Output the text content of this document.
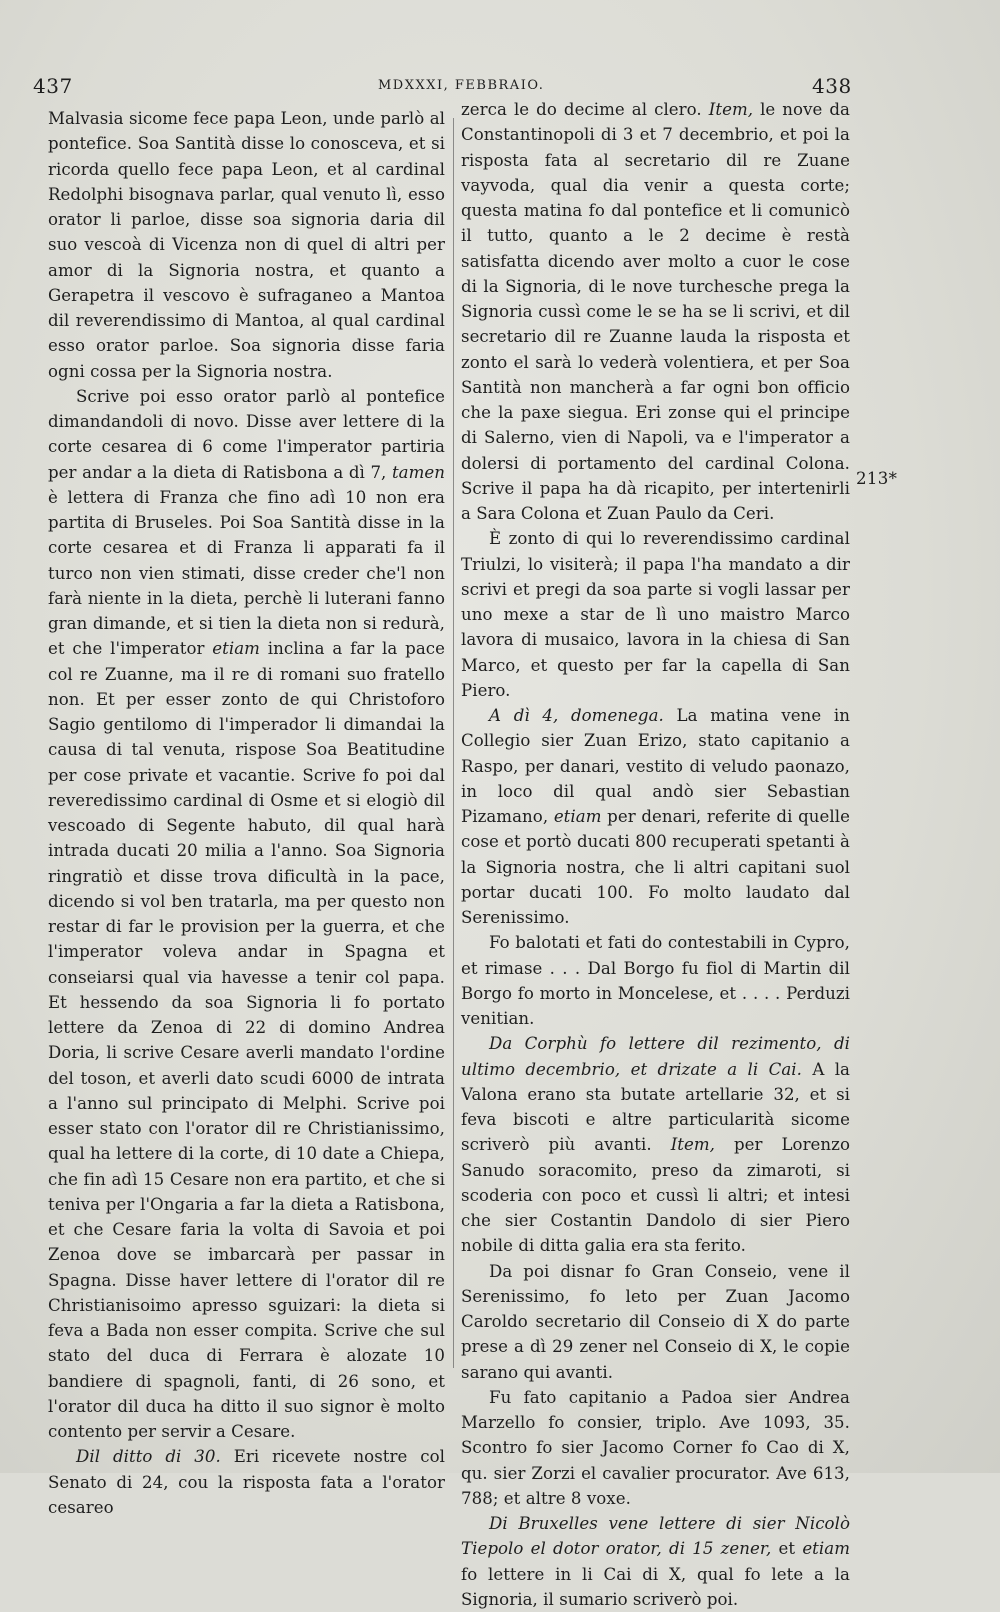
437	MDXXXI, FEBBRAIO.	438

Malvasia sicome fece papa Leon, unde parlò al pontefice. Soa Santità disse lo conosceva, et si ricorda quello fece papa Leon, et al cardinal Redolphi bisognava parlar, qual venuto lì, esso orator li parloe, disse soa signoria daria dil suo vescoà di Vicenza non di quel di altri per amor di la Signoria nostra, et quanto a Gerapetra il vescovo è sufraganeo a Mantoa dil reverendissimo di Mantoa, al qual cardinal esso orator parloe. Soa signoria disse faria ogni cossa per la Signoria nostra.

Scrive poi esso orator parlò al pontefice dimandandoli di novo. Disse aver lettere di la corte cesarea di 6 come l'imperator partiria per andar a la dieta di Ratisbona a dì 7, tamen è lettera di Franza che fino adì 10 non era partita di Bruseles. Poi Soa Santità disse in la corte cesarea et di Franza li apparati fa il turco non vien stimati, disse creder che'l non farà niente in la dieta, perchè li luterani fanno gran dimande, et si tien la dieta non si redurà, et che l'imperator etiam inclina a far la pace col re Zuanne, ma il re di romani suo fratello non. Et per esser zonto de qui Christoforo Sagio gentilomo di l'imperador li dimandai la causa di tal venuta, rispose Soa Beatitudine per cose private et vacantie. Scrive fo poi dal reveredissimo cardinal di Osme et si elogiò dil vescoado di Segente habuto, dil qual harà intrada ducati 20 milia a l'anno. Soa Signoria ringratiò et disse trova dificultà in la pace, dicendo si vol ben tratarla, ma per questo non restar di far le provision per la guerra, et che l'imperator voleva andar in Spagna et conseiarsi qual via havesse a tenir col papa. Et hessendo da soa Signoria li fo portato lettere da Zenoa di 22 di domino Andrea Doria, li scrive Cesare averli mandato l'ordine del toson, et averli dato scudi 6000 de intrata a l'anno sul principato di Melphi. Scrive poi esser stato con l'orator dil re Christianissimo, qual ha lettere di la corte, di 10 date a Chiepa, che fin adì 15 Cesare non era partito, et che si teniva per l'Ongaria a far la dieta a Ratisbona, et che Cesare faria la volta di Savoia et poi Zenoa dove se imbarcarà per passar in Spagna. Disse haver lettere di l'orator dil re Christianisoimo apresso sguizari: la dieta si feva a Bada non esser compita. Scrive che sul stato del duca di Ferrara è alozate 10 bandiere di spagnoli, fanti, di 26 sono, et l'orator dil duca ha ditto il suo signor è molto contento per servir a Cesare.

Dil ditto di 30. Eri ricevete nostre col Senato di 24, cou la risposta fata a l'orator cesareo

zerca le do decime al clero. Item, le nove da Constantinopoli di 3 et 7 decembrio, et poi la risposta fata al secretario dil re Zuane vayvoda, qual dia venir a questa corte; questa matina fo dal pontefice et li comunicò il tutto, quanto a le 2 decime è restà satisfatta dicendo aver molto a cuor le cose di la Signoria, di le nove turchesche prega la Signoria cussì come le se ha se li scrivi, et dil secretario dil re Zuanne lauda la risposta et zonto el sarà lo vederà volentiera, et per Soa Santità non mancherà a far ogni bon officio che la paxe siegua. Eri zonse qui el principe di Salerno, vien di Napoli, va e l'imperator a dolersi di portamento del cardinal Colona. Scrive il papa ha dà ricapito, per intertenirli a Sara Colona et Zuan Paulo da Ceri.

È zonto di qui lo reverendissimo cardinal Triulzi, lo visiterà; il papa l'ha mandato a dir scrivi et pregi da soa parte si vogli lassar per uno mexe a star de lì uno maistro Marco lavora di musaico, lavora in la chiesa di San Marco, et questo per far la capella di San Piero.

A dì 4, domenega. La matina vene in Collegio sier Zuan Erizo, stato capitanio a Raspo, per danari, vestito di veludo paonazo, in loco dil qual andò sier Sebastian Pizamano, etiam per denari, referite di quelle cose et portò ducati 800 recuperati spetanti à la Signoria nostra, che li altri capitani suol portar ducati 100. Fo molto laudato dal Serenissimo.

Fo balotati et fati do contestabili in Cypro, et rimase . . . Dal Borgo fu fiol di Martin dil Borgo fo morto in Moncelese, et . . . . Perduzi venitian.

Da Corphù fo lettere dil rezimento, di ultimo decembrio, et drizate a li Cai. A la Valona erano sta butate artellarie 32, et si feva biscoti e altre particularità sicome scriverò più avanti. Item, per Lorenzo Sanudo soracomito, preso da zimaroti, si scoderia con poco et cussì li altri; et intesi che sier Costantin Dandolo di sier Piero nobile di ditta galia era sta ferito.

Da poi disnar fo Gran Conseio, vene il Serenissimo, fo leto per Zuan Jacomo Caroldo secretario dil Conseio di X do parte prese a dì 29 zener nel Conseio di X, le copie sarano qui avanti.

Fu fato capitanio a Padoa sier Andrea Marzello fo consier, triplo. Ave 1093, 35. Scontro fo sier Jacomo Corner fo Cao di X, qu. sier Zorzi el cavalier procurator. Ave 613, 788; et altre 8 voxe.

Di Bruxelles vene lettere di sier Nicolò Tiepolo el dotor orator, di 15 zener, et etiam fo lettere in li Cai di X, qual fo lete a la Signoria, il sumario scriverò poi.

213*
